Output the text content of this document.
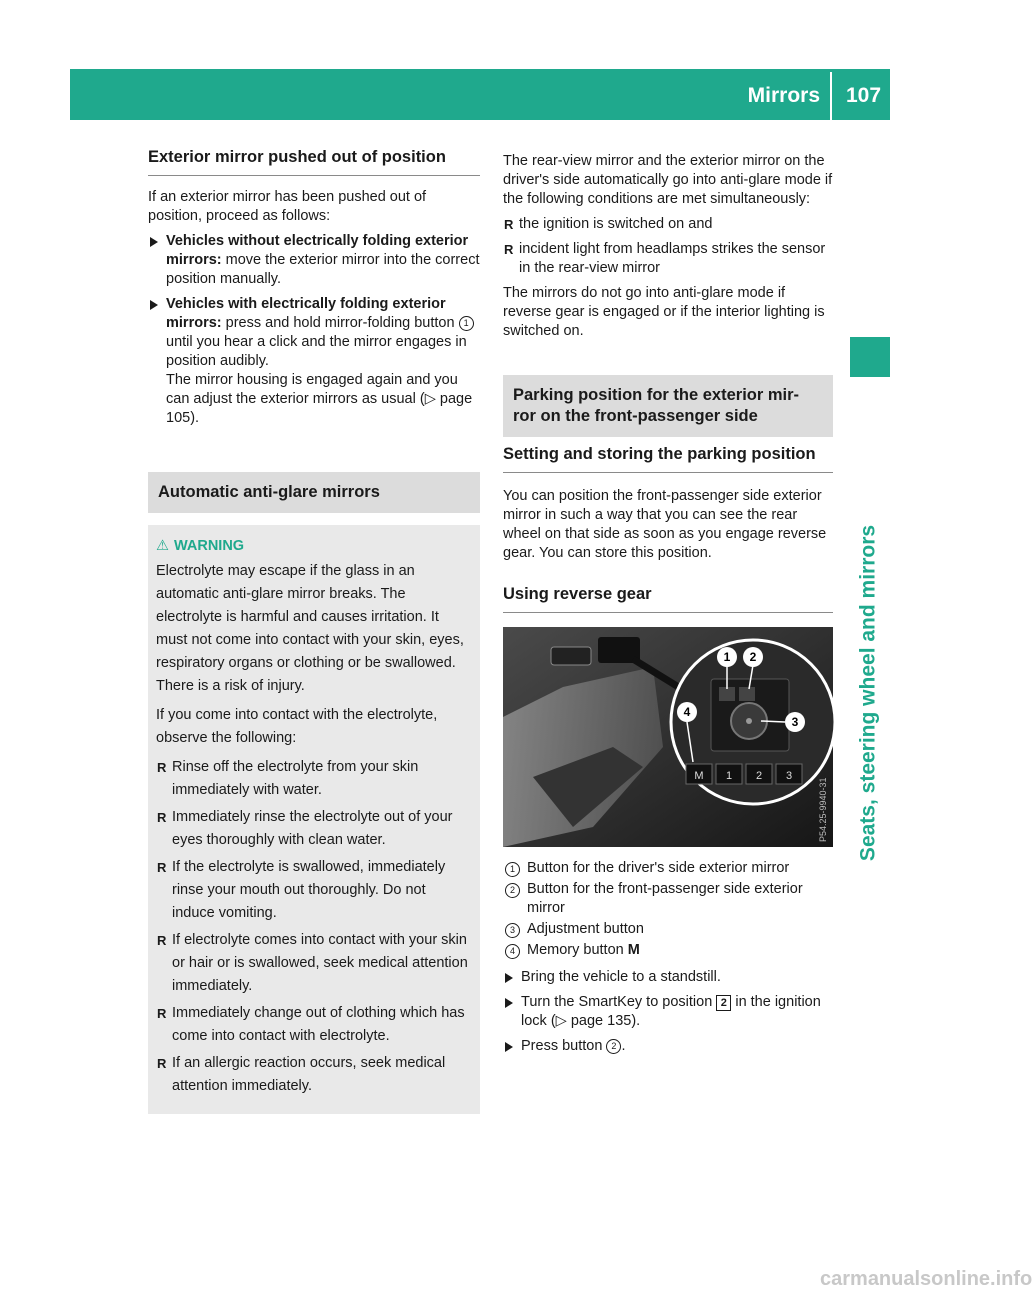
Mirrors 107
Seats, steering wheel and mirrors
Exterior mirror pushed out of position

If an exterior mirror has been pushed out of position, proceed as follows:

Vehicles without electrically folding exterior mirrors: move the exterior mirror into the correct position manually.
Vehicles with electrically folding exterior mirrors: press and hold mirror-folding button 1 until you hear a click and the mirror engages in position audibly.
The mirror housing is engaged again and you can adjust the exterior mirrors as usual (▷ page 105).
Automatic anti-glare mirrors
⚠ WARNING

Electrolyte may escape if the glass in an automatic anti-glare mirror breaks. The electrolyte is harmful and causes irritation. It must not come into contact with your skin, eyes, respiratory organs or clothing or be swallowed. There is a risk of injury.

If you come into contact with the electrolyte, observe the following:

R Rinse off the electrolyte from your skin immediately with water.
R Immediately rinse the electrolyte out of your eyes thoroughly with clean water.
R If the electrolyte is swallowed, immediately rinse your mouth out thoroughly. Do not induce vomiting.
R If electrolyte comes into contact with your skin or hair or is swallowed, seek medical attention immediately.
R Immediately change out of clothing which has come into contact with electrolyte.
R If an allergic reaction occurs, seek medical attention immediately.

The rear-view mirror and the exterior mirror on the driver's side automatically go into anti-glare mode if the following conditions are met simultaneously:

R the ignition is switched on and
R incident light from headlamps strikes the sensor in the rear-view mirror

The mirrors do not go into anti-glare mode if reverse gear is engaged or if the interior lighting is switched on.

Parking position for the exterior mir-
ror on the front-passenger side
Setting and storing the parking position

You can position the front-passenger side exterior mirror in such a way that you can see the rear wheel on that side as soon as you engage reverse gear. You can store this position.

Using reverse gear
M 1 2 3
1 2
3
4
P54.25-9940-31
1 Button for the driver's side exterior mirror
2 Button for the front-passenger side exterior mirror
3 Adjustment button
4 Memory button M
Bring the vehicle to a standstill.
Turn the SmartKey to position 2 in the ignition lock (▷ page 135).
Press button 2 .
carmanualsonline.info
